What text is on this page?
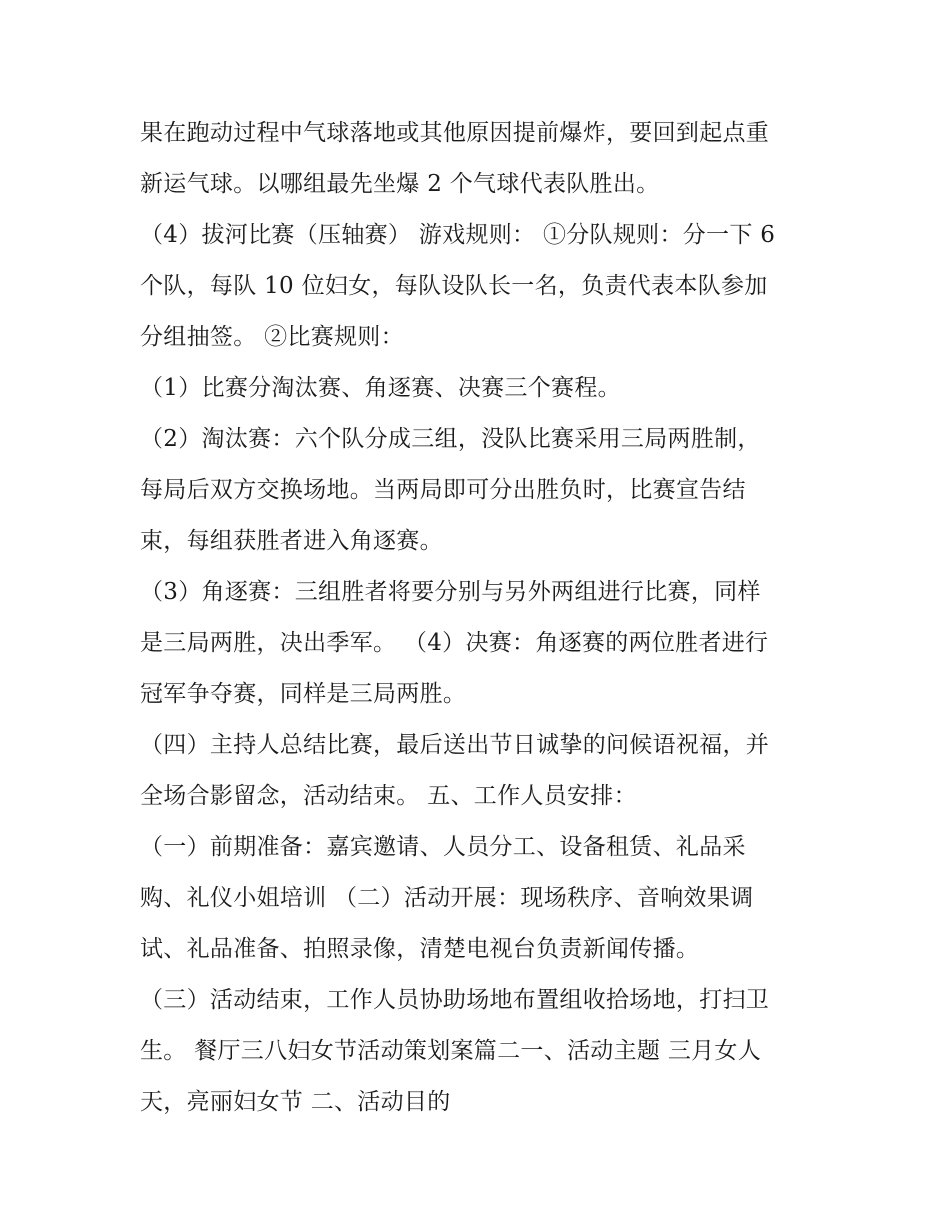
果在跑动过程中气球落地或其他原因提前爆炸，要回到起点重
新运气球。以哪组最先坐爆 2 个气球代表队胜出。
（4）拔河比赛（压轴赛） 游戏规则： ①分队规则：分一下 6
个队，每队 10 位妇女，每队设队长一名，负责代表本队参加
分组抽签。 ②比赛规则：
（1）比赛分淘汰赛、角逐赛、决赛三个赛程。
（2）淘汰赛：六个队分成三组，没队比赛采用三局两胜制，
每局后双方交换场地。当两局即可分出胜负时，比赛宣告结
束，每组获胜者进入角逐赛。
（3）角逐赛：三组胜者将要分别与另外两组进行比赛，同样
是三局两胜，决出季军。 （4）决赛：角逐赛的两位胜者进行
冠军争夺赛，同样是三局两胜。
（四）主持人总结比赛，最后送出节日诚挚的问候语祝福，并
全场合影留念，活动结束。 五、工作人员安排：
（一）前期准备：嘉宾邀请、人员分工、设备租赁、礼品采
购、礼仪小姐培训 （二）活动开展：现场秩序、音响效果调
试、礼品准备、拍照录像，清楚电视台负责新闻传播。
（三）活动结束，工作人员协助场地布置组收拾场地，打扫卫
生。 餐厅三八妇女节活动策划案篇二一、活动主题 三月女人
天，亮丽妇女节 二、活动目的
